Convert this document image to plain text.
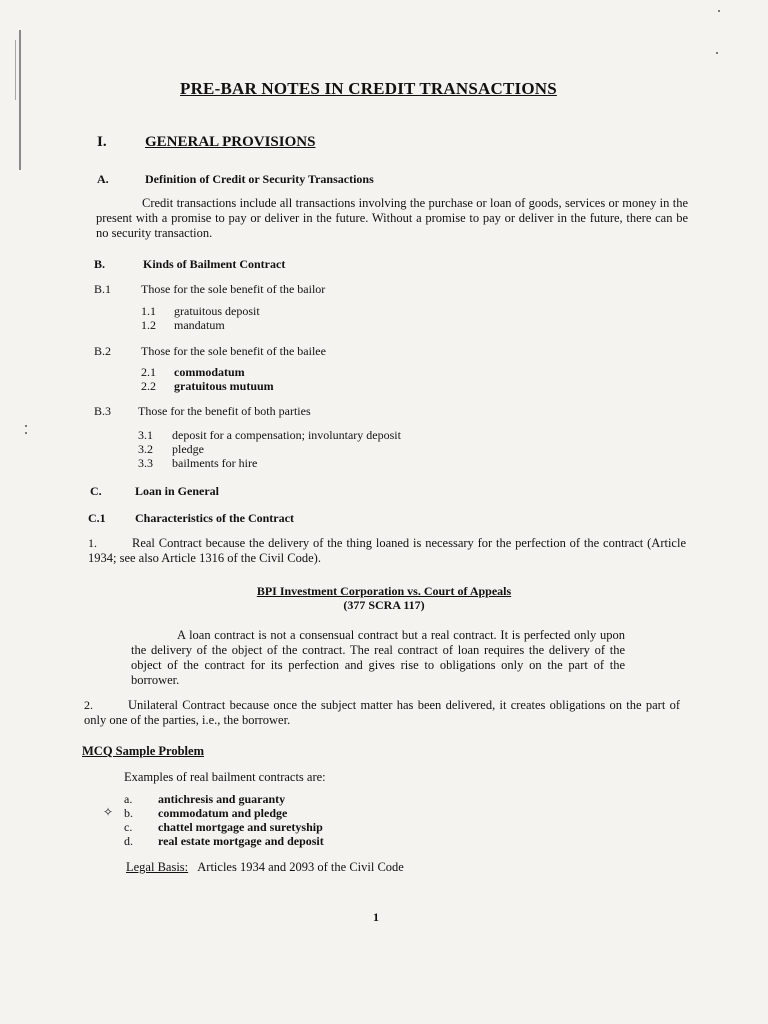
PRE-BAR NOTES IN CREDIT TRANSACTIONS
I.	GENERAL PROVISIONS
A.	Definition of Credit or Security Transactions
Credit transactions include all transactions involving the purchase or loan of goods, services or money in the present with a promise to pay or deliver in the future. Without a promise to pay or deliver in the future, there can be no security transaction.
B.	Kinds of Bailment Contract
B.1 Those for the sole benefit of the bailor
1.1 gratuitous deposit
1.2 mandatum
B.2 Those for the sole benefit of the bailee
2.1 commodatum
2.2 gratuitous mutuum
B.3 Those for the benefit of both parties
3.1 deposit for a compensation; involuntary deposit
3.2 pledge
3.3 bailments for hire
C.	Loan in General
C.1 Characteristics of the Contract
1.	Real Contract because the delivery of the thing loaned is necessary for the perfection of the contract (Article 1934; see also Article 1316 of the Civil Code).
BPI Investment Corporation vs. Court of Appeals
(377 SCRA 117)
A loan contract is not a consensual contract but a real contract. It is perfected only upon the delivery of the object of the contract. The real contract of loan requires the delivery of the object of the contract for its perfection and gives rise to obligations only on the part of the borrower.
2.	Unilateral Contract because once the subject matter has been delivered, it creates obligations on the part of only one of the parties, i.e., the borrower.
MCQ Sample Problem
Examples of real bailment contracts are:
✧
a. antichresis and guaranty
b. commodatum and pledge
c. chattel mortgage and suretyship
d. real estate mortgage and deposit
Legal Basis: Articles 1934 and 2093 of the Civil Code
1
